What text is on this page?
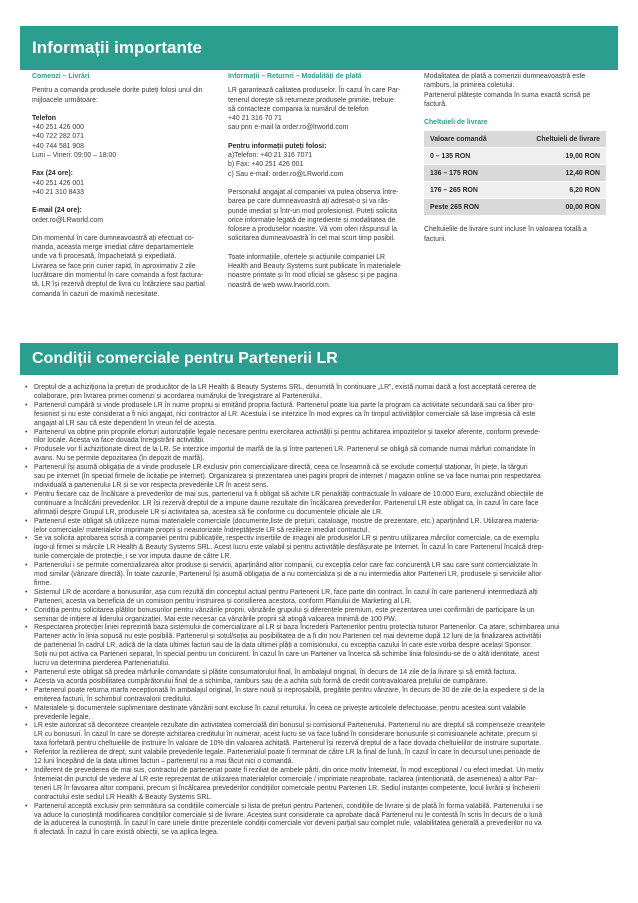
Informații importante
Comenzi – Livrări
Pentru a comanda produsele dorite puteți folosi unul din
mijloacele următoare:
Telefon
+40 251 426 000
+40 722 282 071
+40 744 581 908
Luni – Vineri: 09:00 – 18:00
Fax (24 ore):
+40 251 426 001
+40 21 310 8433
E-mail (24 ore):
order.ro@LRworld.com
Din momentul în care dumneavoastră ați efectuat co-
manda, aceasta merge imediat către departamentele
unde va fi procesată, împachetată și expediată.
Livrarea se face prin curier rapid, în aproximativ 2 zile
lucrătoare din momentul în care comanda a fost factura-
tă. LR își rezervă dreptul de livra cu întârziere sau parțial
comanda în cazuri de maximă necesitate.
Informații – Returnri – Modalități de plată
LR garantează calitatea produselor. În cazul în care Par-
tenerul dorește să returneze produsele primite, trebuie
să contacteze compania la numărul de telefon
+40 21 316 70 71
sau prin e-mail la order.ro@lrworld.com
Pentru informații puteți folosi:
a)Telefon: +40 21 316 7071
b) Fax: +40 251 426 001
c) Sau e-mail: order.ro@LRworld.com
Personalul angajat al companiei va putea observa între-
barea pe care dumneavoastră ați adresat-o și va răs-
punde imediat și într-un mod profesionist. Puteți solicita
orice informație legată de ingrediente și modalitatea de
folosire a produselor noastre. Vă vom oferi răspunsul la
solicitarea dumneavoastră în cel mai scurt timp posibil.
Toate informațiile, ofertele și acțiunile companiei LR
Health and Beauty Systems sunt publicate în materialele
noastre printate și în mod oficial se găsesc și pe pagina
noastră de web www.lrworld.com.
Modalitatea de plată a comenzii dumneavoastră este
ramburs, la primirea coletului.
Partenerul plătește comanda în suma exactă scrisă pe
factură.
Cheltuieli de livrare
Valoare comandă	Cheltuieli de livrare
0 – 135 RON	19,00 RON
136 – 175 RON	12,40 RON
176 – 265 RON	6,20 RON
Peste 265 RON	00,00 RON
Cheltuielile de livrare sunt incluse în valoarea totală a
facturii.
Condiții comerciale pentru Partenerii LR
• Dreptul de a achiziționa la prețuri de producător de la LR Health & Beauty Systems SRL, denumită în continuare „LR”, există numai dacă a fost acceptată cererea de
colaborare, prin livrarea primei comenzi și acordarea numărului de înregistrare al Partenerului.
• Partenerul cumpără și vinde produsele LR în nume propriu și emițând propria factură. Partenerul poate lua parte la program ca activitate secundară sau ca liber pro-
fesionist și nu este considerat a fi nici angajat, nici contractor al LR. Acestuia i se interzice în mod expres ca în timpul activităților comerciale să lase impresia că este
angajat al LR sau că este dependent în vreun fel de acesta.
• Partenerul va obține prin propriile eforturi autorizațiile legale necesare pentru exercitarea activității și pentru achitarea impozitelor și taxelor aferente, conform prevede-
rilor locale. Acesta va face dovada înregistrării activității.
• Produsele vor fi achiziționate direct de la LR. Se interzice importul de marfă de la și între parteneri LR. Partenerul se obligă să comande numai mărfuri comandate în
avans. Nu se permite depozitarea (în depozit de marfă).
• Partenerul își asumă obligația de a vinde produsele LR exclusiv prin comercializare directă, ceea ce înseamnă că se exclude comerțul staționar, în piețe, la târguri
sau pe internet (în special firmele de licitație pe internet). Organizarea și prezentarea unei pagini proprii de internet / magazin online se va face numai prin respectarea
individuală a partenerului LR și se vor respecta prevederile LR în acest sens.
• Pentru fiecare caz de încălcare a prevederilor de mai sus, partenerul va fi obligat să achite LR penalități contractuale în valoare de 10.000 Euro, excluzând obiecțiile de
continuare a încălcării prevederilor. LR își rezervă dreptul de a impune daune rezultate din încălcarea prevederilor. Partenerul LR este obligat ca, în cazul în care face
afirmații despre Grupul LR, produsele LR și activitatea sa, acestea să fie conforme cu documentele oficiale ale LR.
• Partenerul este obligat să utilizeze numai materialele comerciale (documente,liste de prețuri, cataloage, mostre de prezentare, etc.) aparținând LR. Utilizarea materia-
lelor comerciale/ materialelor imprimate proprii și neautorizate îndreptățește LR să rezilieze imediat contractul.
• Se va solicita aprobarea scrisă a companiei pentru publicațiile, respectiv inserțiile de imagini ale produselor LR și pentru utilizarea mărcilor comerciale, ca de exemplu
logo-ul firmei și mărcile LR Health & Beauty Systems SRL. Acest lucru este valabil și pentru activitățile desfășurate pe Internet. În cazul în care Partenerul încalcă drep-
turile comerciale de protecție, i se vor imputa daune de către LR.
• Partenerului i se permite comercializarea altor produse și servicii, aparținând altor companii, cu excepția celor care fac concurență LR sau care sunt comercializate în
mod similar (vânzare directă). În toate cazurile, Partenerul își asumă obligația de a nu comercializa și de a nu intermedia altor Parteneri LR, produsele și serviciile altor
firme.
• Sistemul LR de acordare a bonusurilor, așa cum rezultă din conceptul actual pentru Partenerii LR, face parte din contract. În cazul în care partenerul intermediază alți
Parteneri, acesta va beneficia de un comision pentru instruirea și consilierea acestora, conform Planului de Marketing al LR.
• Condiția pentru solicitarea plăților bonusurilor pentru vânzările proprii, vânzările grupului și diferențele premium, este prezentarea unei confirmări de participare la un
seminar de inițiere al liderului organizației. Mai este necesar ca vânzările proprii să atingă valoarea minimă de 100 PW.
• Respectarea protecției liniei reprezintă baza sistemului de comercializare al LR și baza încrederii Partenerilor pentru protecția tuturor Partenerilor. Ca atare, schimbarea unui
Partener activ în linia sopusă nu este posibilă. Partenerul și soțul/soția au posibilitatea de a fi din nou Parteneri cel mai devreme după 12 luni de la finalizarea activității
de partenerial în cadrul LR, adică de la data ultimei facturi sau de la data ultimei plăți a comisionului, cu excepția cazului în care este vorba despre același Sponsor.
Soții nu pot activa ca Parteneri separat, în special pentru un concurent. În cazul în care un Partener va încerca să schimbe linia folosindu-se de o altă identitate, acest
lucru va determina pierderea Parteneriatului.
• Partenerul este obligat să predea mărfurile comandate și plătite consumatorului final, în ambalajul original, în decurs de 14 zile de la livrare și să emită factura.
• Acesta va acorda posibilitatea cumpărătorului final de a schimba, ramburs sau de a achita sub formă de credit contravaloarea prețului de cumpărare.
• Partenerul poate returna marfa recepționată în ambalajul original, în stare nouă și ireproșabilă, pregătite pentru vânzare, în decurs de 30 de zile de la expediere și de la
emiterea facturii, în schimbul contravalorii creditului.
• Materialele și documentele suplimentare destinate vânzării sunt excluse în cazul returului. În ceea ce privește articolele defectuoase, pentru acestea sunt valabile
prevederile legale.
• LR este autorizat să deconteze creanțele rezultate din activitatea comercială din bonusul și comisionul Partenerului. Partenerul nu are dreptul să compenseze creanțele
LR cu bonusuri. În cazul în care se dorește achitarea creditului în numerar, acest lucru se va face luând în considerare bonusurile și comisioanele achitate, precum și
taxa forfetară pentru cheltuielile de instruire în valoare de 10% din valoarea achitată. Partenerul își rezervă dreptul de a face dovada cheltuielilor de instruire suportate.
• Referitor la rezilierea de drept, sunt valabile prevederile legale. Partenerialul poate fi terminat de către LR la final de lună, în cazul în care în decursul unei perioade de
12 luni începând de la data ultimei facturi – partenerul nu a mai făcut nici o comandă.
• Indiferent de prevederea de mai sus, contractul de parteneriat poate fi reziliat de ambele părți, din orice motiv întemeiat, în mod excepțional / cu efect imediat. Un motiv
întemeiat din punctul de vedere al LR este reprezentat de utilizarea materialelor comerciale / imprimate neaprobate, raclarea (intenționată, de asemenea) a altor Par-
teneri LR în favoarea altor companii, precum și încălcarea prevederilor condițiilor comerciale pentru Parteneri LR. Sediul instanței competente, locul livrării și încheierii
contractului este sediul LR Health & Beauty Systems SRL.
• Partenerul acceptă exclusiv prin semnătura sa condițiile comerciale și lista de prețuri pentru Parteneri, condițiile de livrare și de plată în forma valabilă. Partenerului i se
va aduce la cunoștință modificarea condițiilor comerciale și de livrare. Acestea sunt considerate ca aprobate dacă Partenerul nu le contestă în scris în decurs de o lună
de la aducerea la cunoștință. În cazul în care unele dintre prezentele condiții comerciale vor deveni parțial sau complet nule, valabilitatea generală a prevederilor nu va
fi afectată. În cazul în care există obiecții, se va aplica legea.
